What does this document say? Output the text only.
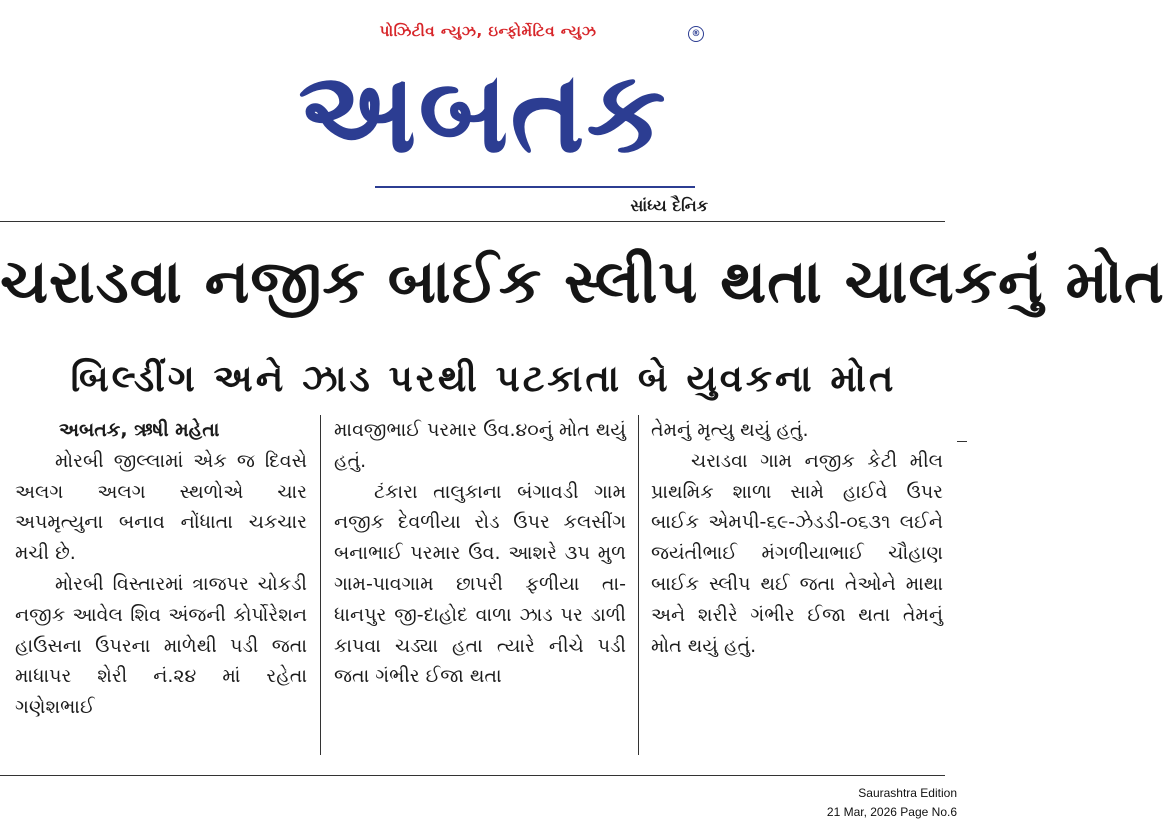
પોઝિટીવ ન્યુઝ, ઇન્ફોર્મેટિવ ન્યુઝ	®
અબતક
સાંધ્ય દૈનિક
ચરાડવા નજીક બાઈક સ્લીપ થતા ચાલકનું મોત
બિલ્ડીંગ અને ઝાડ પરથી પટકાતા બે યુવકના મોત

અબતક, ઋષી મહેતા

મોરબી જીલ્લામાં એક જ દિવસે અલગ અલગ સ્થળોએ ચાર અપમૃત્યુના બનાવ નોંધાતા ચકચાર મચી છે.

મોરબી વિસ્તારમાં ત્રાજપર ચોકડી નજીક આવેલ શિવ અંજની કોર્પોરેશન હાઉસના ઉપરના માળેથી પડી જતા માધાપર શેરી નં.૨૪ માં રહેતા ગણેશભાઈ

માવજીભાઈ પરમાર ઉવ.૪૦નું મોત થયું હતું.

ટંકારા તાલુકાના બંગાવડી ગામ નજીક દેવળીયા રોડ ઉપર કલસીંગ બનાભાઈ પરમાર ઉવ. આશરે ૩૫ મુળ ગામ-પાવગામ છાપરી ફળીયા તા-ધાનપુર જી-દાહોદ વાળા ઝાડ પર ડાળી કાપવા ચડ્યા હતા ત્યારે નીચે પડી જતા ગંભીર ઈજા થતા

તેમનું મૃત્યુ થયું હતું.

ચરાડવા ગામ નજીક કેટી મીલ પ્રાથમિક શાળા સામે હાઈવે ઉપર બાઈક એમપી-૬૯-ઝેડડી-૦૬૩૧ લઈને જયંતીભાઈ મંગળીયાભાઈ ચૌહાણ બાઈક સ્લીપ થઈ જતા તેઓને માથા અને શરીરે ગંભીર ઈજા થતા તેમનું મોત થયું હતું.

Saurashtra Edition
21 Mar, 2026 Page No.6
